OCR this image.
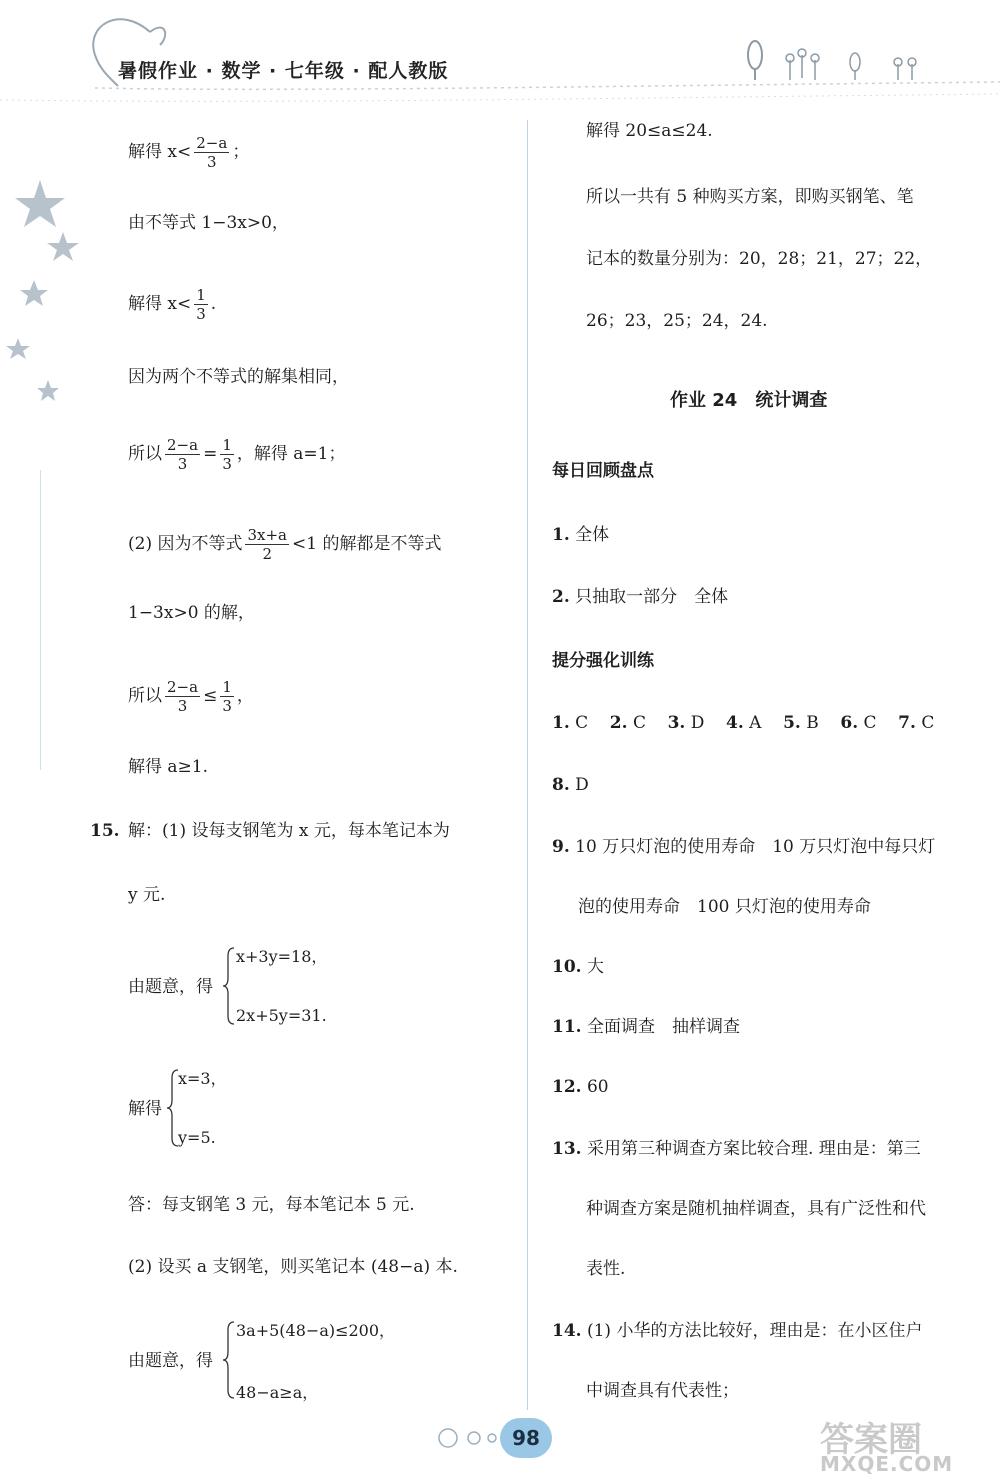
暑假作业 · 数学 · 七年级 · 配人教版
解得 $x< \frac{2-a}{3}$ ；
由不等式 1−3x>0，
解得 $x< \frac{1}{3}$ .
因为两个不等式的解集相同，
所以 $\frac{2-a}{3} = \frac{1}{3}$ ，解得 a=1；
(2) 因为不等式 $\frac{3x+a}{2} <1$ 的解都是不等式
1−3x>0 的解，
所以 $\frac{2-a}{3} \le \frac{1}{3}$ ，
解得 a≥1.
15. 解：(1) 设每支钢笔为 x 元，每本笔记本为
y 元.
由题意，得
x+3y=18，
2x+5y=31.
解得
x=3，
y=5.
答：每支钢笔 3 元，每本笔记本 5 元.
(2) 设买 a 支钢笔，则买笔记本 (48−a) 本.
由题意，得
3a+5(48−a)≤200，
48−a≥a，
解得 20≤a≤24.
所以一共有 5 种购买方案，即购买钢笔、笔
记本的数量分别为：20，28；21，27；22，
26；23，25；24，24.
作业 24　统计调查
每日回顾盘点
1. 全体
2. 只抽取一部分　全体
提分强化训练
1. C 2. C 3. D 4. A 5. B 6. C 7. C
8. D
9. 10 万只灯泡的使用寿命　10 万只灯泡中每只灯
泡的使用寿命　100 只灯泡的使用寿命
10. 大
11. 全面调查　抽样调查
12. 60
13. 采用第三种调查方案比较合理. 理由是：第三
种调查方案是随机抽样调查，具有广泛性和代
表性.
14. (1) 小华的方法比较好，理由是：在小区住户
中调查具有代表性；
98	答案圈
MXQE.COM
